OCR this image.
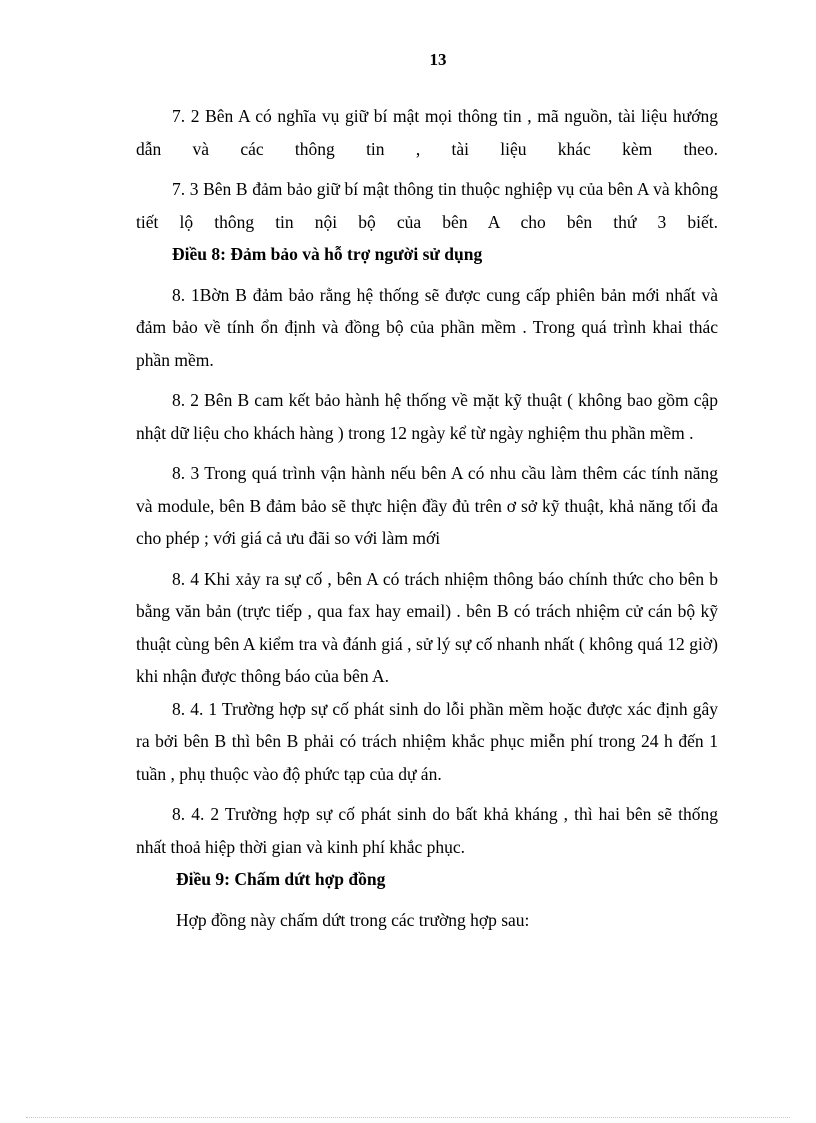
13

7. 2 Bên A có nghĩa vụ giữ bí mật mọi thông tin , mã nguồn, tài liệu hướng dẫn và các thông tin , tài liệu khác kèm theo.

7. 3 Bên B đảm bảo giữ bí mật thông tin thuộc nghiệp vụ của bên A và không tiết lộ thông tin nội bộ của bên A cho bên thứ 3 biết.

Điều 8: Đảm bảo và hỗ trợ người sử dụng

8. 1Bờn B đảm bảo rằng hệ thống sẽ được cung cấp phiên bản mới nhất và đảm bảo về tính ổn định và đồng bộ của phần mềm . Trong quá trình khai thác phần mềm.

8. 2 Bên B cam kết bảo hành hệ thống về mặt kỹ thuật ( không bao gồm cập nhật dữ liệu cho khách hàng ) trong 12 ngày kể từ ngày nghiệm thu phần mềm .

8. 3 Trong quá trình vận hành nếu bên A có nhu cầu làm thêm các tính năng và module, bên B đảm bảo sẽ thực hiện đầy đủ trên ơ sở kỹ thuật, khả năng tối đa cho phép ; với giá cả ưu đãi so với làm mới

8. 4 Khi xảy ra sự cố , bên A có trách nhiệm thông báo chính thức cho bên b bằng văn bản (trực tiếp , qua fax hay email) . bên B có trách nhiệm cử cán bộ kỹ thuật cùng bên A kiểm tra và đánh giá , sử lý sự cố nhanh nhất ( không quá 12 giờ) khi nhận được thông báo của bên A.

8. 4. 1 Trường hợp sự cố phát sinh do lỗi phần mềm hoặc được xác định gây ra bởi bên B thì bên B phải có trách nhiệm khắc phục miễn phí trong 24 h đến 1 tuần , phụ thuộc vào độ phức tạp của dự án.

8. 4. 2 Trường hợp sự cố phát sinh do bất khả kháng , thì hai bên sẽ thống nhất thoả hiệp thời gian và kinh phí khắc phục.

Điều 9: Chấm dứt hợp đồng

Hợp đồng này chấm dứt trong các trường hợp sau:
